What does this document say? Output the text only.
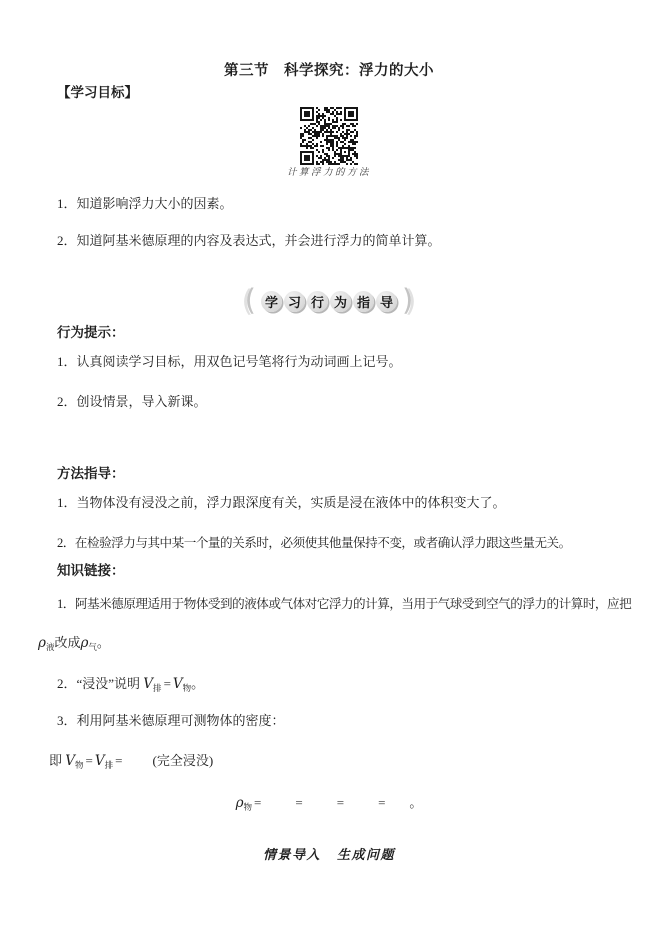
第三节　科学探究：浮力的大小

【学习目标】

计算浮力的方法

1．知道影响浮力大小的因素。

2．知道阿基米德原理的内容及表达式，并会进行浮力的简单计算。

( 学 习 行 为 指 导 )

行为提示：

1．认真阅读学习目标，用双色记号笔将行为动词画上记号。

2．创设情景，导入新课。

方法指导：

1．当物体没有浸没之前，浮力跟深度有关，实质是浸在液体中的体积变大了。

2．在检验浮力与其中某一个量的关系时，必须使其他量保持不变，或者确认浮力跟这些量无关。

知识链接：

1．阿基米德原理适用于物体受到的液体或气体对它浮力的计算，当用于气球受到空气的浮力的计算时，应把

$\rho_液$改成$\rho_气$。

2．“浸没”说明 $V_排 = V_物$。

3．利用阿基米德原理可测物体的密度：

即 $V_物 = V_排$ = (完全浸没)

$\rho_物$ =	=	=	= 。

情景导入 生成问题
